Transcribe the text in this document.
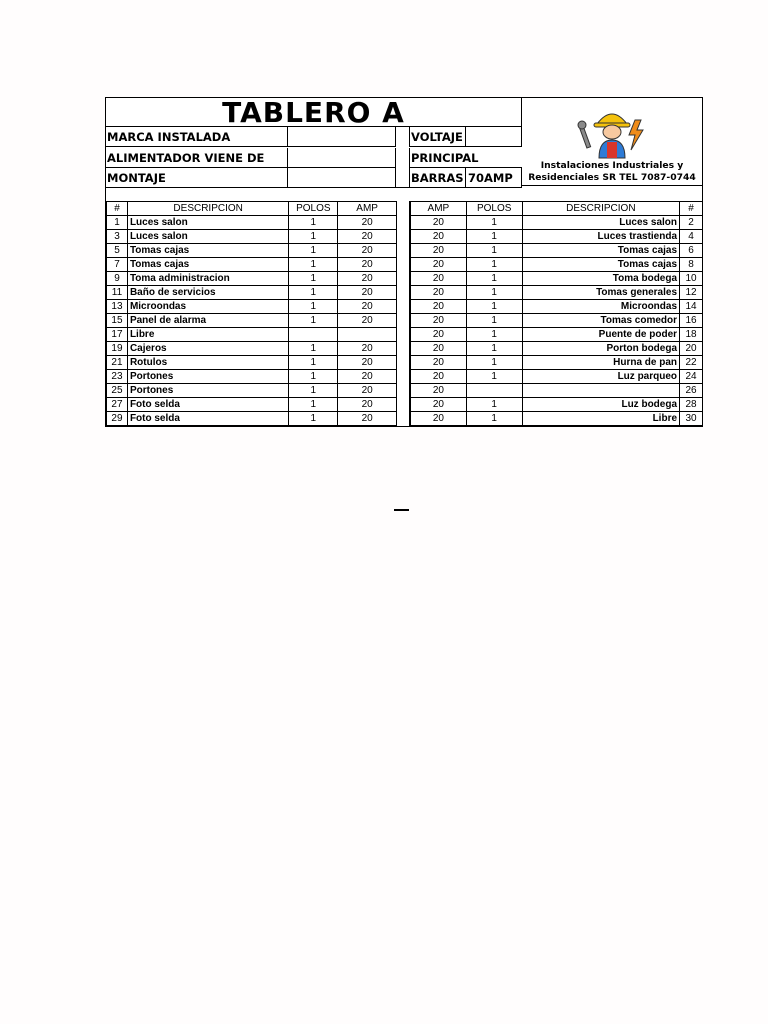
TABLERO A
MARCA INSTALADA	VOLTAJE
ALIMENTADOR VIENE DE	PRINCIPAL
MONTAJE	BARRAS 70AMP
Instalaciones Industriales y
Residenciales SR TEL 7087-0744
#	DESCRIPCION	POLOS	AMP
1	Luces salon	1	20
3	Luces salon	1	20
5	Tomas cajas	1	20
7	Tomas cajas	1	20
9	Toma administracion	1	20
11	Baño de servicios	1	20
13	Microondas	1	20
15	Panel de alarma	1	20
17	Libre		
19	Cajeros	1	20
21	Rotulos	1	20
23	Portones	1	20
25	Portones	1	20
27	Foto selda	1	20
29	Foto selda	1	20
AMP	POLOS	DESCRIPCION	#
20	1	Luces salon	2
20	1	Luces trastienda	4
20	1	Tomas cajas	6
20	1	Tomas cajas	8
20	1	Toma bodega	10
20	1	Tomas generales	12
20	1	Microondas	14
20	1	Tomas comedor	16
20	1	Puente de poder	18
20	1	Porton bodega	20
20	1	Hurna de pan	22
20	1	Luz parqueo	24
20			26
20	1	Luz bodega	28
20	1	Libre	30
